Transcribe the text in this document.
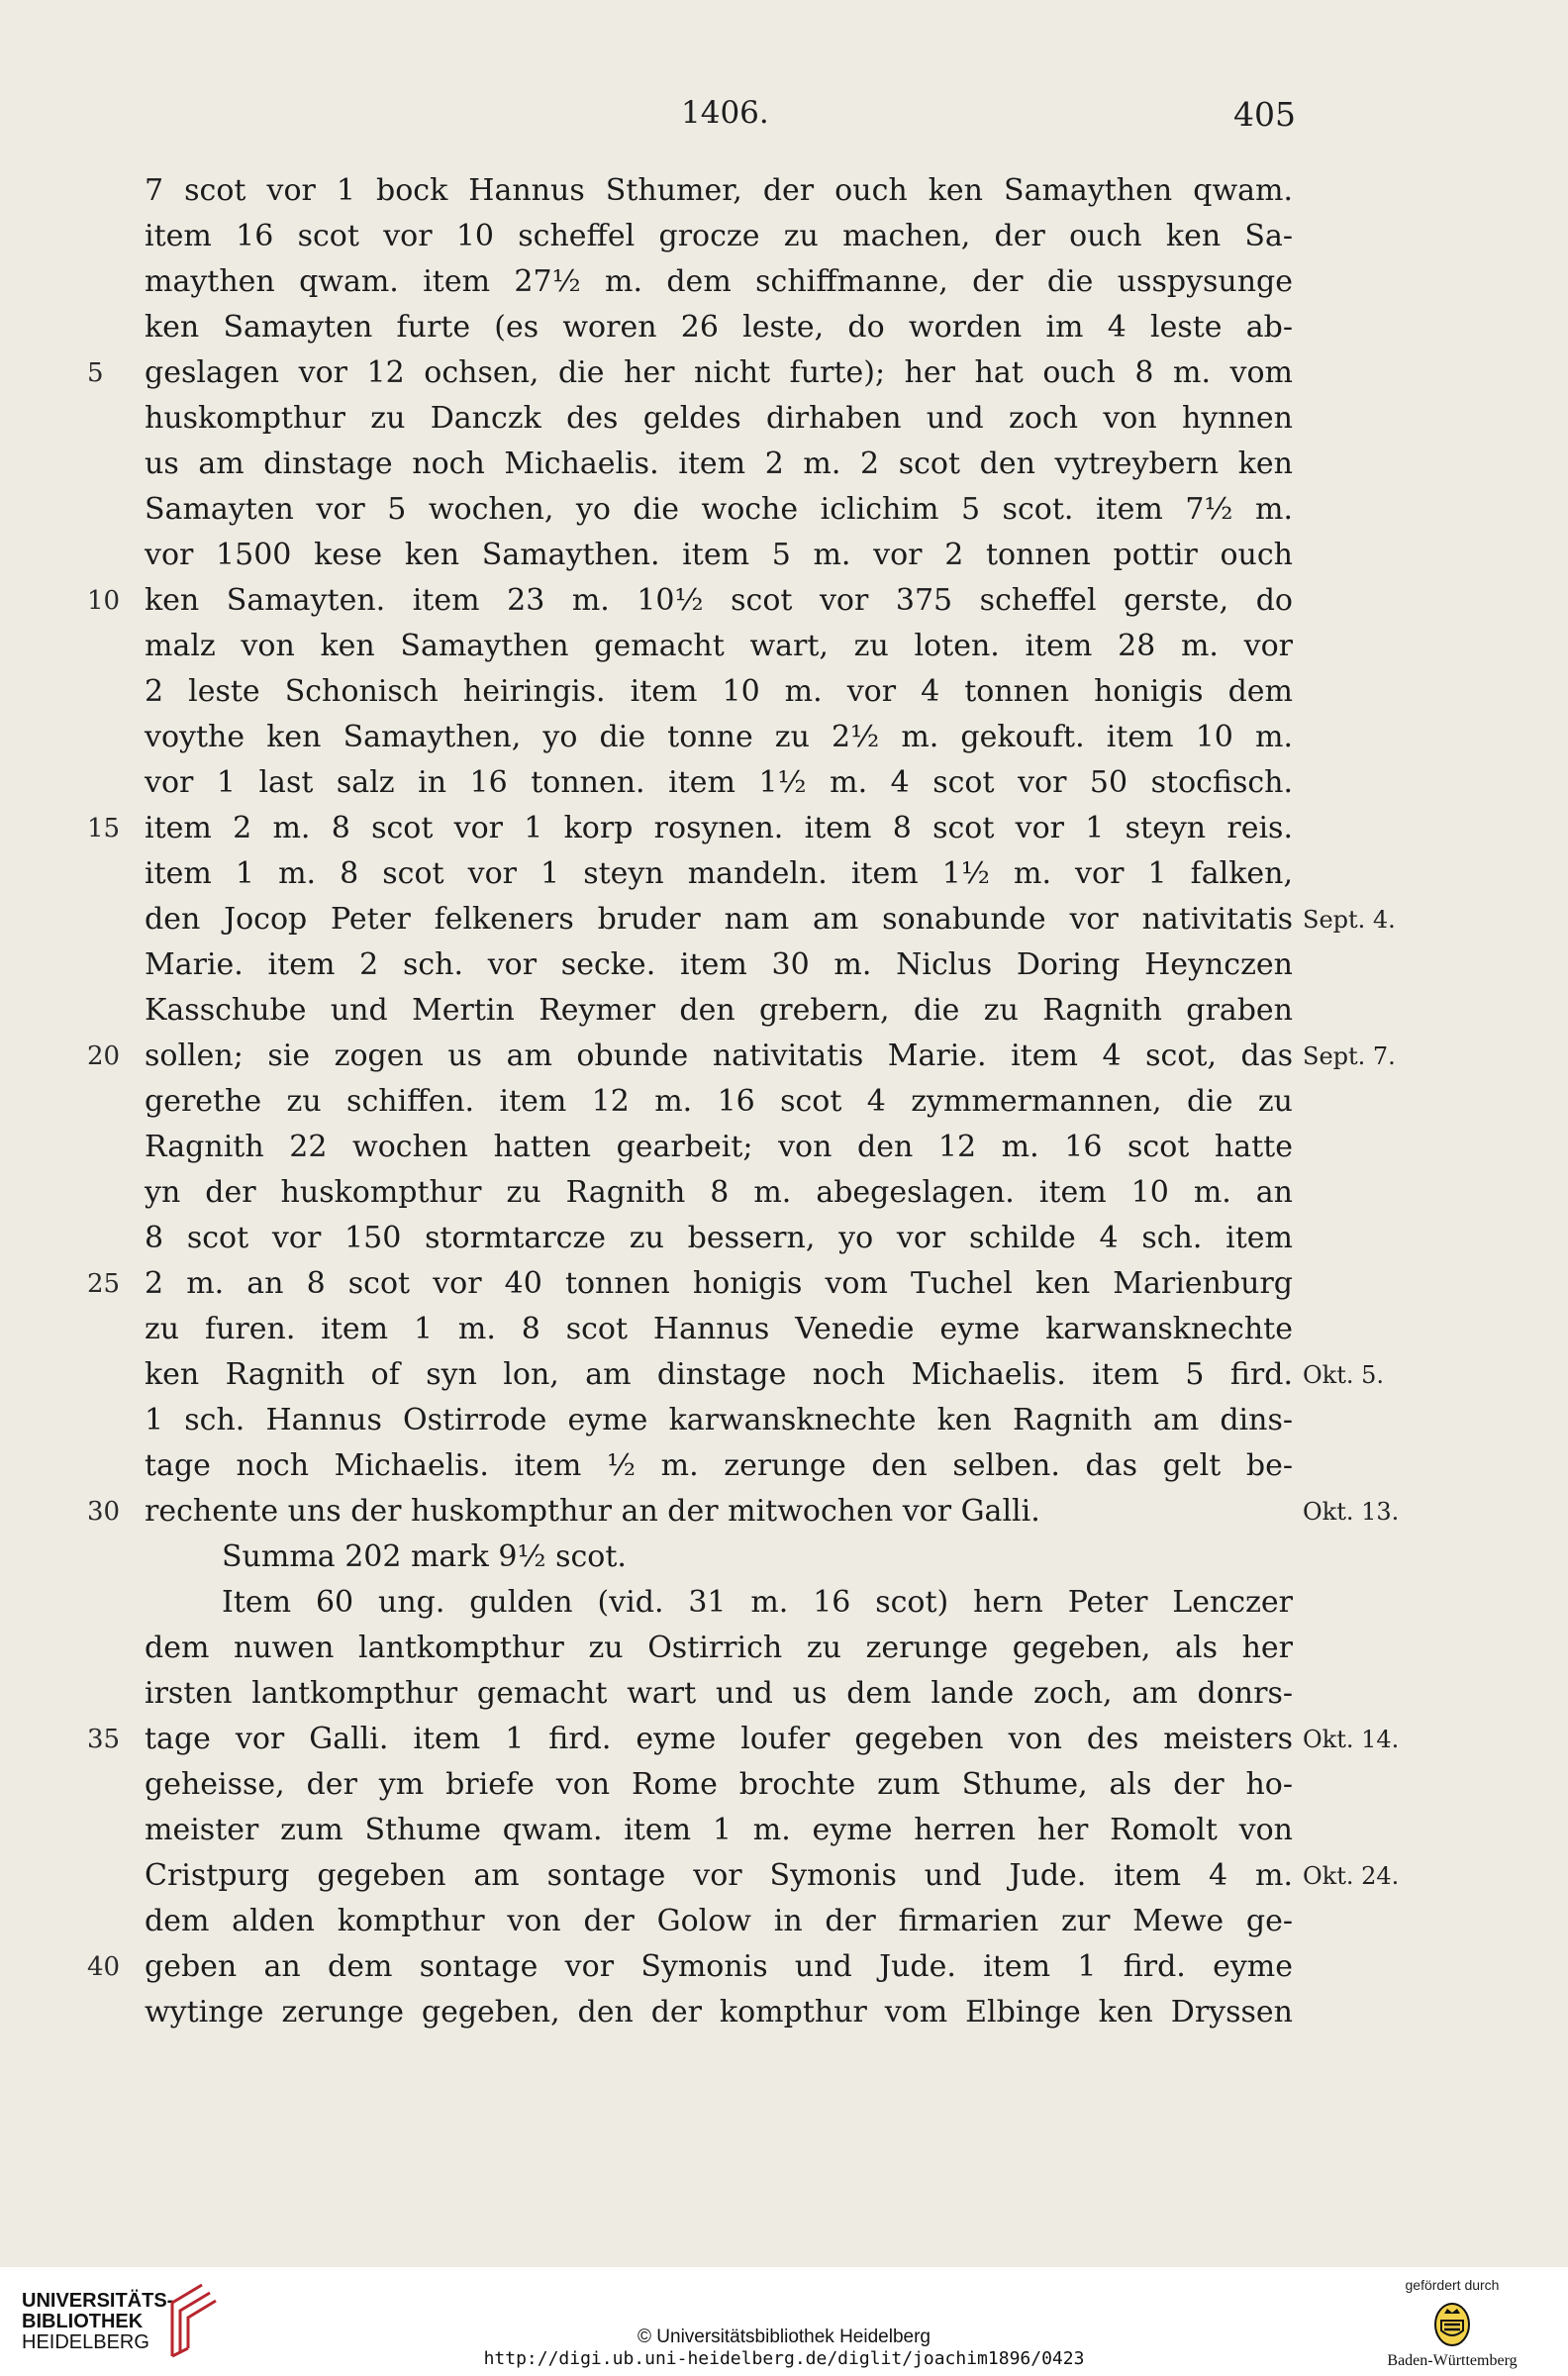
1406.	405
7 scot vor 1 bock Hannus Sthumer, der ouch ken Samaythen qwam.
item 16 scot vor 10 scheffel grocze zu machen, der ouch ken Sa-
maythen qwam. item 27½ m. dem schiffmanne, der die usspysunge
ken Samayten furte (es woren 26 leste, do worden im 4 leste ab-
geslagen vor 12 ochsen, die her nicht furte); her hat ouch 8 m. vom
5
huskompthur zu Danczk des geldes dirhaben und zoch von hynnen
us am dinstage noch Michaelis. item 2 m. 2 scot den vytreybern ken
Samayten vor 5 wochen, yo die woche iclichim 5 scot. item 7½ m.
vor 1500 kese ken Samaythen. item 5 m. vor 2 tonnen pottir ouch
ken Samayten. item 23 m. 10½ scot vor 375 scheffel gerste, do
10
malz von ken Samaythen gemacht wart, zu loten. item 28 m. vor
2 leste Schonisch heiringis. item 10 m. vor 4 tonnen honigis dem
voythe ken Samaythen, yo die tonne zu 2½ m. gekouft. item 10 m.
vor 1 last salz in 16 tonnen. item 1½ m. 4 scot vor 50 stocfisch.
item 2 m. 8 scot vor 1 korp rosynen. item 8 scot vor 1 steyn reis.
15
item 1 m. 8 scot vor 1 steyn mandeln. item 1½ m. vor 1 falken,
den Jocop Peter felkeners bruder nam am sonabunde vor nativitatis Sept. 4.
Marie. item 2 sch. vor secke. item 30 m. Niclus Doring Heynczen
Kasschube und Mertin Reymer den grebern, die zu Ragnith graben
sollen; sie zogen us am obunde nativitatis Marie. item 4 scot, das
20	Sept. 7.
gerethe zu schiffen. item 12 m. 16 scot 4 zymmermannen, die zu
Ragnith 22 wochen hatten gearbeit; von den 12 m. 16 scot hatte
yn der huskompthur zu Ragnith 8 m. abegeslagen. item 10 m. an
8 scot vor 150 stormtarcze zu bessern, yo vor schilde 4 sch. item
2 m. an 8 scot vor 40 tonnen honigis vom Tuchel ken Marienburg
25
zu furen. item 1 m. 8 scot Hannus Venedie eyme karwansknechte
ken Ragnith of syn lon, am dinstage noch Michaelis. item 5 fird. Okt. 5.
1 sch. Hannus Ostirrode eyme karwansknechte ken Ragnith am dins-
tage noch Michaelis. item ½ m. zerunge den selben. das gelt be-
rechente uns der huskompthur an der mitwochen vor Galli.
30	Okt. 13.
Summa 202 mark 9½ scot.
Item 60 ung. gulden (vid. 31 m. 16 scot) hern Peter Lenczer
dem nuwen lantkompthur zu Ostirrich zu zerunge gegeben, als her
irsten lantkompthur gemacht wart und us dem lande zoch, am donrs-
tage vor Galli. item 1 fird. eyme loufer gegeben von des meisters
35	Okt. 14.
geheisse, der ym briefe von Rome brochte zum Sthume, als der ho-
meister zum Sthume qwam. item 1 m. eyme herren her Romolt von
Cristpurg gegeben am sontage vor Symonis und Jude. item 4 m. Okt. 24.
dem alden kompthur von der Golow in der firmarien zur Mewe ge-
geben an dem sontage vor Symonis und Jude. item 1 fird. eyme
40
wytinge zerunge gegeben, den der kompthur vom Elbinge ken Dryssen
UNIVERSITÄTS-
BIBLIOTHEK
HEIDELBERG	© Universitätsbibliothek Heidelberg
http://digi.ub.uni-heidelberg.de/diglit/joachim1896/0423
gefördert durch
Baden-Württemberg
